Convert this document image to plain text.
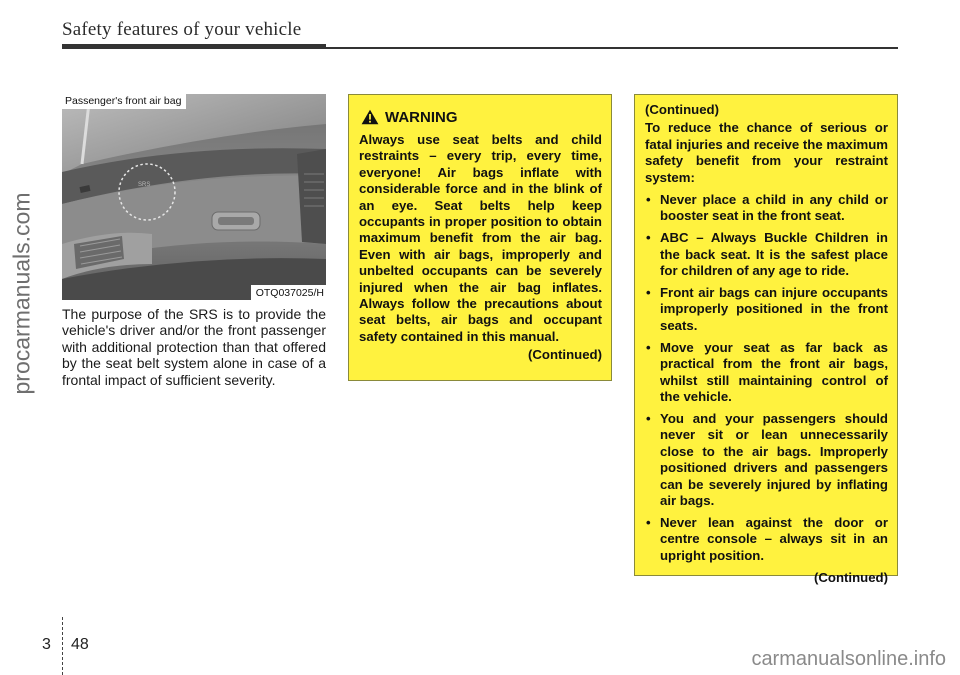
Safety features of your vehicle
procarmanuals.com
SRS
Passenger's front air bag
OTQ037025/H
The purpose of the SRS is to provide the vehicle's driver and/or the front passenger with additional protection than that offered by the seat belt system alone in case of a frontal impact of sufficient severity.
WARNING
Always use seat belts and child restraints – every trip, every time, everyone! Air bags inflate with considerable force and in the blink of an eye. Seat belts help keep occupants in proper position to obtain maximum benefit from the air bag. Even with air bags, improperly and unbelted occupants can be severely injured when the air bag inflates. Always follow the precautions about seat belts, air bags and occupant safety contained in this manual.
(Continued)
(Continued)
To reduce the chance of serious or fatal injuries and receive the maximum safety benefit from your restraint system:
• Never place a child in any child or booster seat in the front seat.
• ABC – Always Buckle Children in the back seat. It is the safest place for children of any age to ride.
• Front air bags can injure occupants improperly positioned in the front seats.
• Move your seat as far back as practical from the front air bags, whilst still maintaining control of the vehicle.
• You and your passengers should never sit or lean unnecessarily close to the air bags. Improperly positioned drivers and passengers can be severely injured by inflating air bags.
• Never lean against the door or centre console – always sit in an upright position.
(Continued)
3 48
carmanualsonline.info
